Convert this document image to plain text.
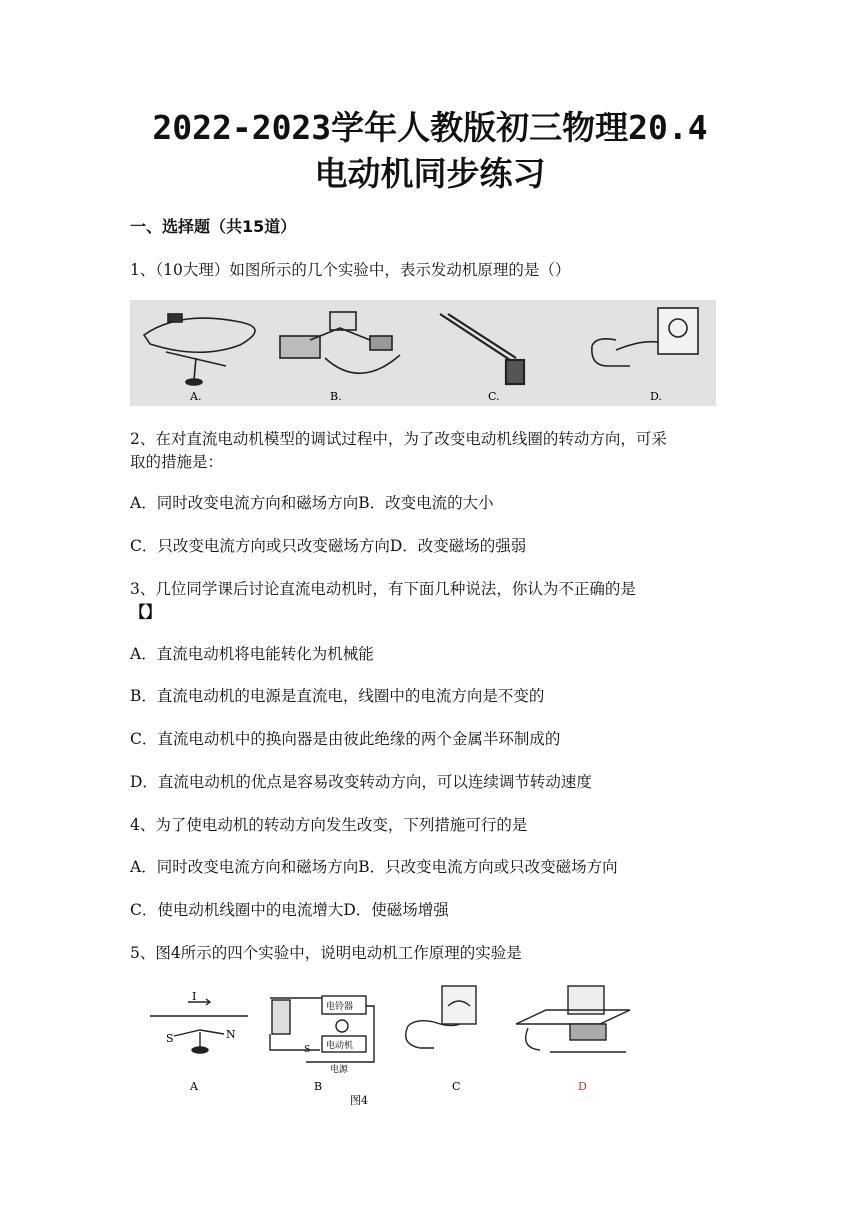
2022-2023学年人教版初三物理20.4
电动机同步练习
一、选择题（共15道）
1、（10大理）如图所示的几个实验中，表示发动机原理的是（）
A.	B.	C.	D.
2、在对直流电动机模型的调试过程中，为了改变电动机线圈的转动方向，可采
取的措施是：
A．同时改变电流方向和磁场方向B．改变电流的大小
C．只改变电流方向或只改变磁场方向D．改变磁场的强弱
3、几位同学课后讨论直流电动机时，有下面几种说法，你认为不正确的是
【】
A．直流电动机将电能转化为机械能
B．直流电动机的电源是直流电，线圈中的电流方向是不变的
C．直流电动机中的换向器是由彼此绝缘的两个金属半环制成的
D．直流电动机的优点是容易改变转动方向，可以连续调节转动速度
4、为了使电动机的转动方向发生改变，下列措施可行的是
A．同时改变电流方向和磁场方向B．只改变电流方向或只改变磁场方向
C．使电动机线圈中的电流增大D．使磁场增强
5、图4所示的四个实验中，说明电动机工作原理的实验是
I
S	N
A
电铃器
电动机
电源
S
B	C	D
图4
